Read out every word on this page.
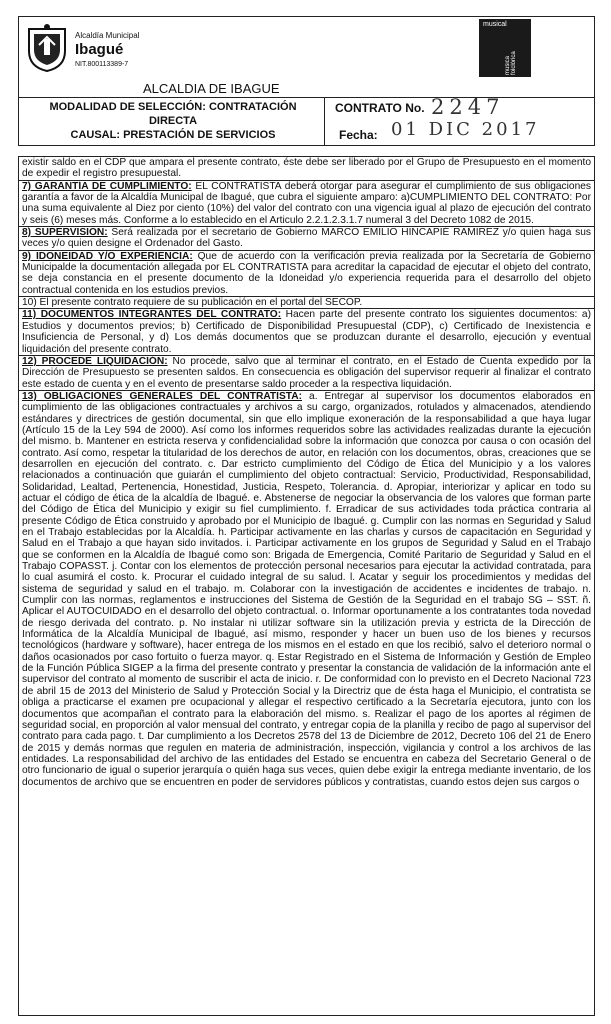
Alcaldía Municipal
Ibagué
NIT.800113389-7
musical
música folclórica
ALCALDIA DE IBAGUE
MODALIDAD DE SELECCIÓN: CONTRATACIÓN
DIRECTA
CAUSAL: PRESTACIÓN DE SERVICIOS
CONTRATO No. 2247
Fecha: 01 DIC 2017
existir saldo en el CDP que ampara el presente contrato, éste debe ser liberado por el Grupo de Presupuesto en el momento de expedir el registro presupuestal.
7) GARANTÍA DE CUMPLIMIENTO: EL CONTRATISTA deberá otorgar para asegurar el cumplimiento de sus obligaciones garantía a favor de la Alcaldía Municipal de Ibagué, que cubra el siguiente amparo: a)CUMPLIMIENTO DEL CONTRATO: Por una suma equivalente al Diez por ciento (10%) del valor del contrato con una vigencia igual al plazo de ejecución del contrato y seis (6) meses más. Conforme a lo establecido en el Articulo 2.2.1.2.3.1.7 numeral 3 del Decreto 1082 de 2015.
8) SUPERVISION: Será realizada por el secretario de Gobierno MARCO EMILIO HINCAPIÉ RAMIREZ y/o quien haga sus veces y/o quien designe el Ordenador del Gasto.
9) IDONEIDAD Y/O EXPERIENCIA: Que de acuerdo con la verificación previa realizada por la Secretaría de Gobierno Municipalde la documentación allegada por EL CONTRATISTA para acreditar la capacidad de ejecutar el objeto del contrato, se deja constancia en el presente documento de la Idoneidad y/o experiencia requerida para el desarrollo del objeto contractual contenida en los estudios previos.
10) El presente contrato requiere de su publicación en el portal del SECOP.
11) DOCUMENTOS INTEGRANTES DEL CONTRATO: Hacen parte del presente contrato los siguientes documentos: a) Estudios y documentos previos; b) Certificado de Disponibilidad Presupuestal (CDP), c) Certificado de Inexistencia e Insuficiencia de Personal, y d) Los demás documentos que se produzcan durante el desarrollo, ejecución y eventual liquidación del presente contrato.
12) PROCEDE LIQUIDACIÓN: No procede, salvo que al terminar el contrato, en el Estado de Cuenta expedido por la Dirección de Presupuesto se presenten saldos. En consecuencia es obligación del supervisor requerir al finalizar el contrato este estado de cuenta y en el evento de presentarse saldo proceder a la respectiva liquidación.
13) OBLIGACIONES GENERALES DEL CONTRATISTA: a. Entregar al supervisor los documentos elaborados en cumplimiento de las obligaciones contractuales y archivos a su cargo, organizados, rotulados y almacenados, atendiendo estándares y directrices de gestión documental, sin que ello implique exoneración de la responsabilidad a que haya lugar (Artículo 15 de la Ley 594 de 2000). Así como los informes requeridos sobre las actividades realizadas durante la ejecución del mismo. b. Mantener en estricta reserva y confidencialidad sobre la información que conozca por causa o con ocasión del contrato. Así como, respetar la titularidad de los derechos de autor, en relación con los documentos, obras, creaciones que se desarrollen en ejecución del contrato. c. Dar estricto cumplimiento del Código de Ética del Municipio y a los valores relacionados a continuación que guiarán el cumplimiento del objeto contractual: Servicio, Productividad, Responsabilidad, Solidaridad, Lealtad, Pertenencia, Honestidad, Justicia, Respeto, Tolerancia. d. Apropiar, interiorizar y aplicar en todo su actuar el código de ética de la alcaldía de Ibagué. e. Abstenerse de negociar la observancia de los valores que forman parte del Código de Ética del Municipio y exigir su fiel cumplimiento. f. Erradicar de sus actividades toda práctica contraria al presente Código de Ética construido y aprobado por el Municipio de Ibagué. g. Cumplir con las normas en Seguridad y Salud en el Trabajo establecidas por la Alcaldía. h. Participar activamente en las charlas y cursos de capacitación en Seguridad y Salud en el Trabajo a que hayan sido invitados. i. Participar activamente en los grupos de Seguridad y Salud en el Trabajo que se conformen en la Alcaldía de Ibagué como son: Brigada de Emergencia, Comité Paritario de Seguridad y Salud en el Trabajo COPASST. j. Contar con los elementos de protección personal necesarios para ejecutar la actividad contratada, para lo cual asumirá el costo. k. Procurar el cuidado integral de su salud. l. Acatar y seguir los procedimientos y medidas del sistema de seguridad y salud en el trabajo. m. Colaborar con la investigación de accidentes e incidentes de trabajo. n. Cumplir con las normas, reglamentos e instrucciones del Sistema de Gestión de la Seguridad en el trabajo SG – SST. ñ. Aplicar el AUTOCUIDADO en el desarrollo del objeto contractual. o. Informar oportunamente a los contratantes toda novedad de riesgo derivada del contrato. p. No instalar ni utilizar software sin la utilización previa y estricta de la Dirección de Informática de la Alcaldía Municipal de Ibagué, así mismo, responder y hacer un buen uso de los bienes y recursos tecnológicos (hardware y software), hacer entrega de los mismos en el estado en que los recibió, salvo el deterioro normal o daños ocasionados por caso fortuito o fuerza mayor. q. Estar Registrado en el Sistema de Información y Gestión de Empleo de la Función Pública SIGEP a la firma del presente contrato y presentar la constancia de validación de la información ante el supervisor del contrato al momento de suscribir el acta de inicio. r. De conformidad con lo previsto en el Decreto Nacional 723 de abril 15 de 2013 del Ministerio de Salud y Protección Social y la Directriz que de ésta haga el Municipio, el contratista se obliga a practicarse el examen pre ocupacional y allegar el respectivo certificado a la Secretaría ejecutora, junto con los documentos que acompañan el contrato para la elaboración del mismo. s. Realizar el pago de los aportes al régimen de seguridad social, en proporción al valor mensual del contrato, y entregar copia de la planilla y recibo de pago al supervisor del contrato para cada pago. t. Dar cumplimiento a los Decretos 2578 del 13 de Diciembre de 2012, Decreto 106 del 21 de Enero de 2015 y demás normas que regulen en materia de administración, inspección, vigilancia y control a los archivos de las entidades. La responsabilidad del archivo de las entidades del Estado se encuentra en cabeza del Secretario General o de otro funcionario de igual o superior jerarquía o quién haga sus veces, quien debe exigir la entrega mediante inventario, de los documentos de archivo que se encuentren en poder de servidores públicos y contratistas, cuando estos dejen sus cargos o
